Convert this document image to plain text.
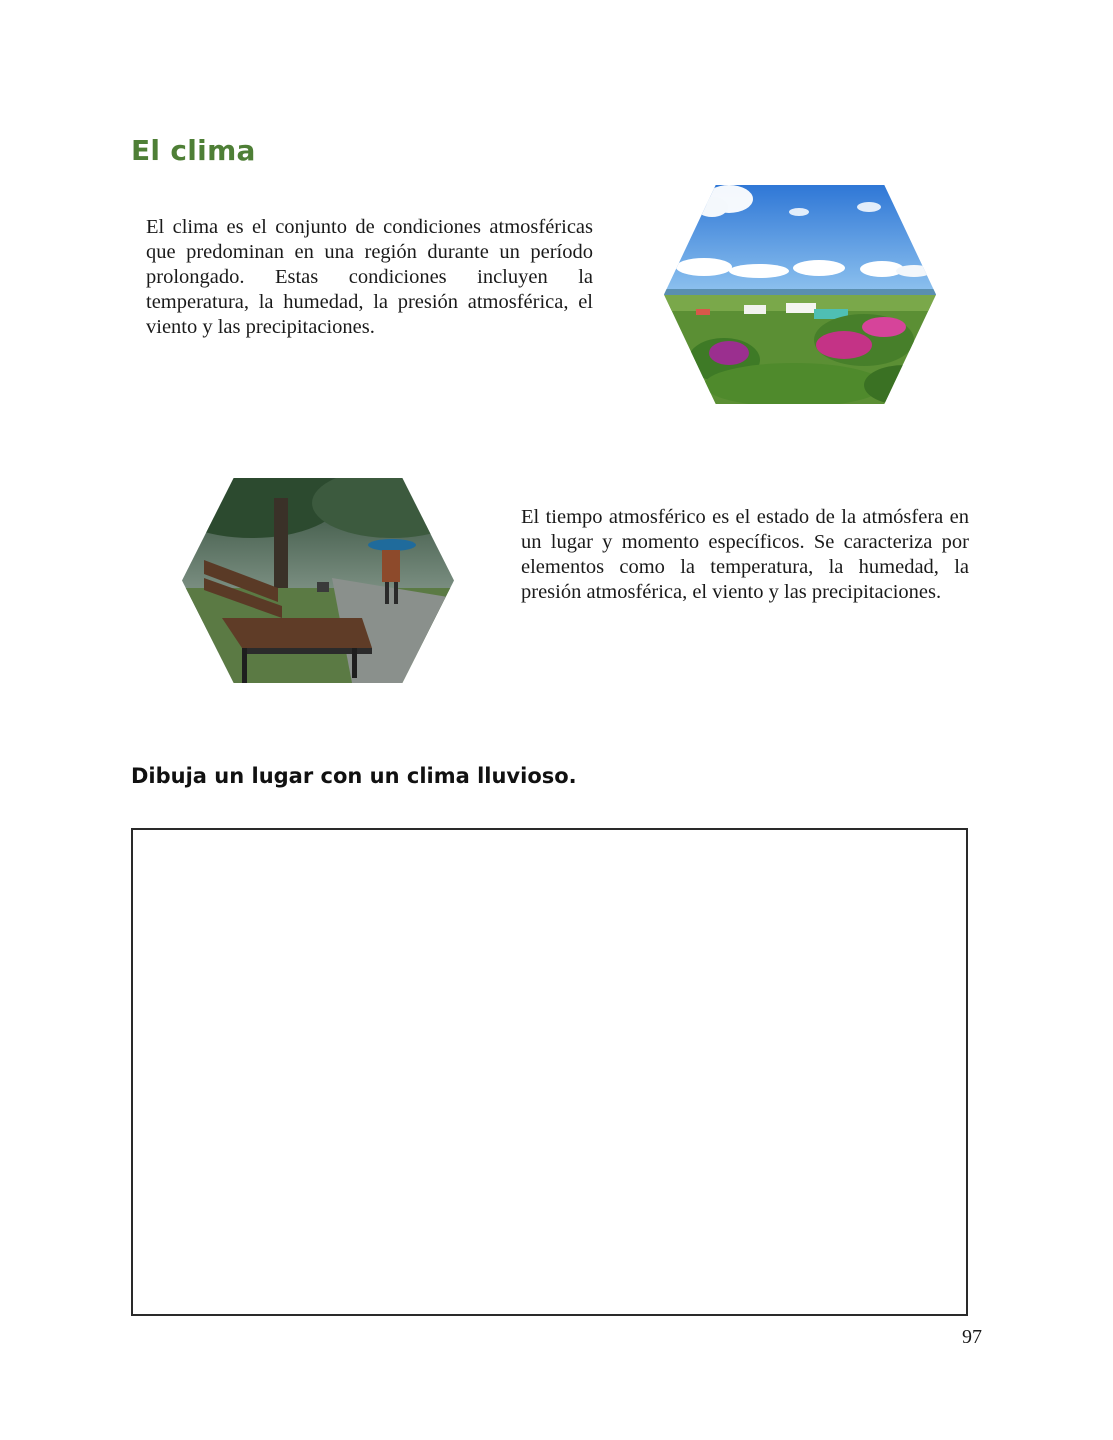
El clima

El clima es el conjunto de condiciones atmosféricas que predominan en una región durante un período prolongado. Estas condiciones incluyen la temperatura, la humedad, la presión atmosférica, el viento y las precipitaciones.

El tiempo atmosférico es el estado de la atmósfera en un lugar y momento específicos. Se caracteriza por elementos como la temperatura, la humedad, la presión atmosférica, el viento y las precipitaciones.

Dibuja un lugar con un clima lluvioso.
97
